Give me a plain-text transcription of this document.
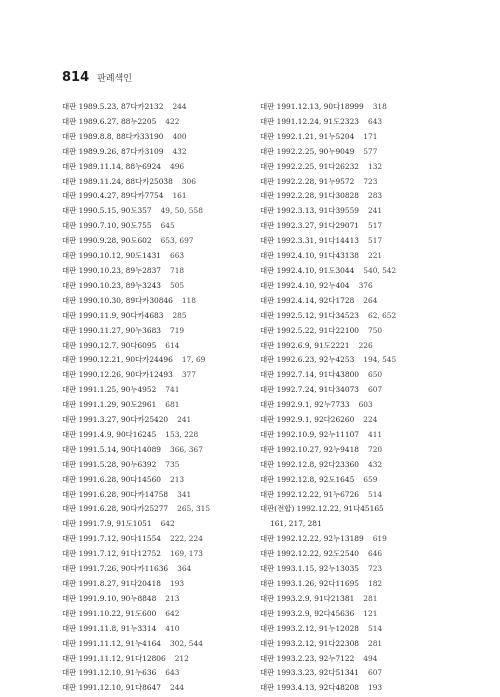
814 판례색인
대판 1989.5.23, 87다카2132 244
대판 1989.6.27, 88누2205 422
대판 1989.8.8, 88다카33190 400
대판 1989.9.26, 87다카3109 432
대판 1989.11.14, 88누6924 496
대판 1989.11.24, 88다카25038 306
대판 1990.4.27, 89다카7754 161
대판 1990.5.15, 90도357 49, 50, 558
대판 1990.7.10, 90도755 645
대판 1990.9.28, 90도602 653, 697
대판 1990.10.12, 90도1431 663
대판 1990.10.23, 89누2837 718
대판 1990.10.23, 89누3243 505
대판 1990.10.30, 89다카30846 118
대판 1990.11.9, 90다카4683 285
대판 1990.11.27, 90누3683 719
대판 1990.12.7, 90다6095 614
대판 1990.12.21, 90다카24496 17, 69
대판 1990.12.26, 90다카12493 377
대판 1991.1.25, 90누4952 741
대판 1991.1.29, 90도2961 681
대판 1991.3.27, 90다카25420 241
대판 1991.4.9, 90다16245 153, 228
대판 1991.5.14, 90다14089 366, 367
대판 1991.5.28, 90누6392 735
대판 1991.6.28, 90다14560 213
대판 1991.6.28, 90다카14758 341
대판 1991.6.28, 90다카25277 265, 315
대판 1991.7.9, 91도1051 642
대판 1991.7.12, 90다11554 222, 224
대판 1991.7.12, 91다12752 169, 173
대판 1991.7.26, 90다카11636 364
대판 1991.8.27, 91다20418 193
대판 1991.9.10, 90누8848 213
대판 1991.10.22, 91도600 642
대판 1991.11.8, 91누3314 410
대판 1991.11.12, 91누4164 302, 544
대판 1991.11.12, 91다12806 212
대판 1991.12.10, 91누636 643
대판 1991.12.10, 91다8647 244
대판 1991.12.13, 90다18999 318
대판 1991.12.24, 91도2323 643
대판 1992.1.21, 91누5204 171
대판 1992.2.25, 90누9049 577
대판 1992.2.25, 91다26232 132
대판 1992.2.28, 91누9572 723
대판 1992.2.28, 91다30828 283
대판 1992.3.13, 91다39559 241
대판 1992.3.27, 91다29071 517
대판 1992.3.31, 91다14413 517
대판 1992.4.10, 91다43138 221
대판 1992.4.10, 91도3044 540, 542
대판 1992.4.10, 92누404 376
대판 1992.4.14, 92다1728 264
대판 1992.5.12, 91다34523 62, 652
대판 1992.5.22, 91다22100 750
대판 1992.6.9, 91도2221 226
대판 1992.6.23, 92누4253 194, 545
대판 1992.7.14, 91다43800 650
대판 1992.7.24, 91다34073 607
대판 1992.9.1, 92누7733 603
대판 1992.9.1, 92다26260 224
대판 1992.10.9, 92누11107 411
대판 1992.10.27, 92누9418 720
대판 1992.12.8, 92다23360 432
대판 1992.12.8, 92도1645 659
대판 1992.12.22, 91누6726 514
대판(전합) 1992.12.22, 91다45165
161, 217, 281
대판 1992.12.22, 92누13189 619
대판 1992.12.22, 92도2540 646
대판 1993.1.15, 92누13035 723
대판 1993.1.26, 92다11695 182
대판 1993.2.9, 91다21381 281
대판 1993.2.9, 92다45636 121
대판 1993.2.12, 91누12028 514
대판 1993.2.12, 91다22308 281
대판 1993.2.23, 92누7122 494
대판 1993.3.23, 92다51341 607
대판 1993.4.13, 92다48208 193
